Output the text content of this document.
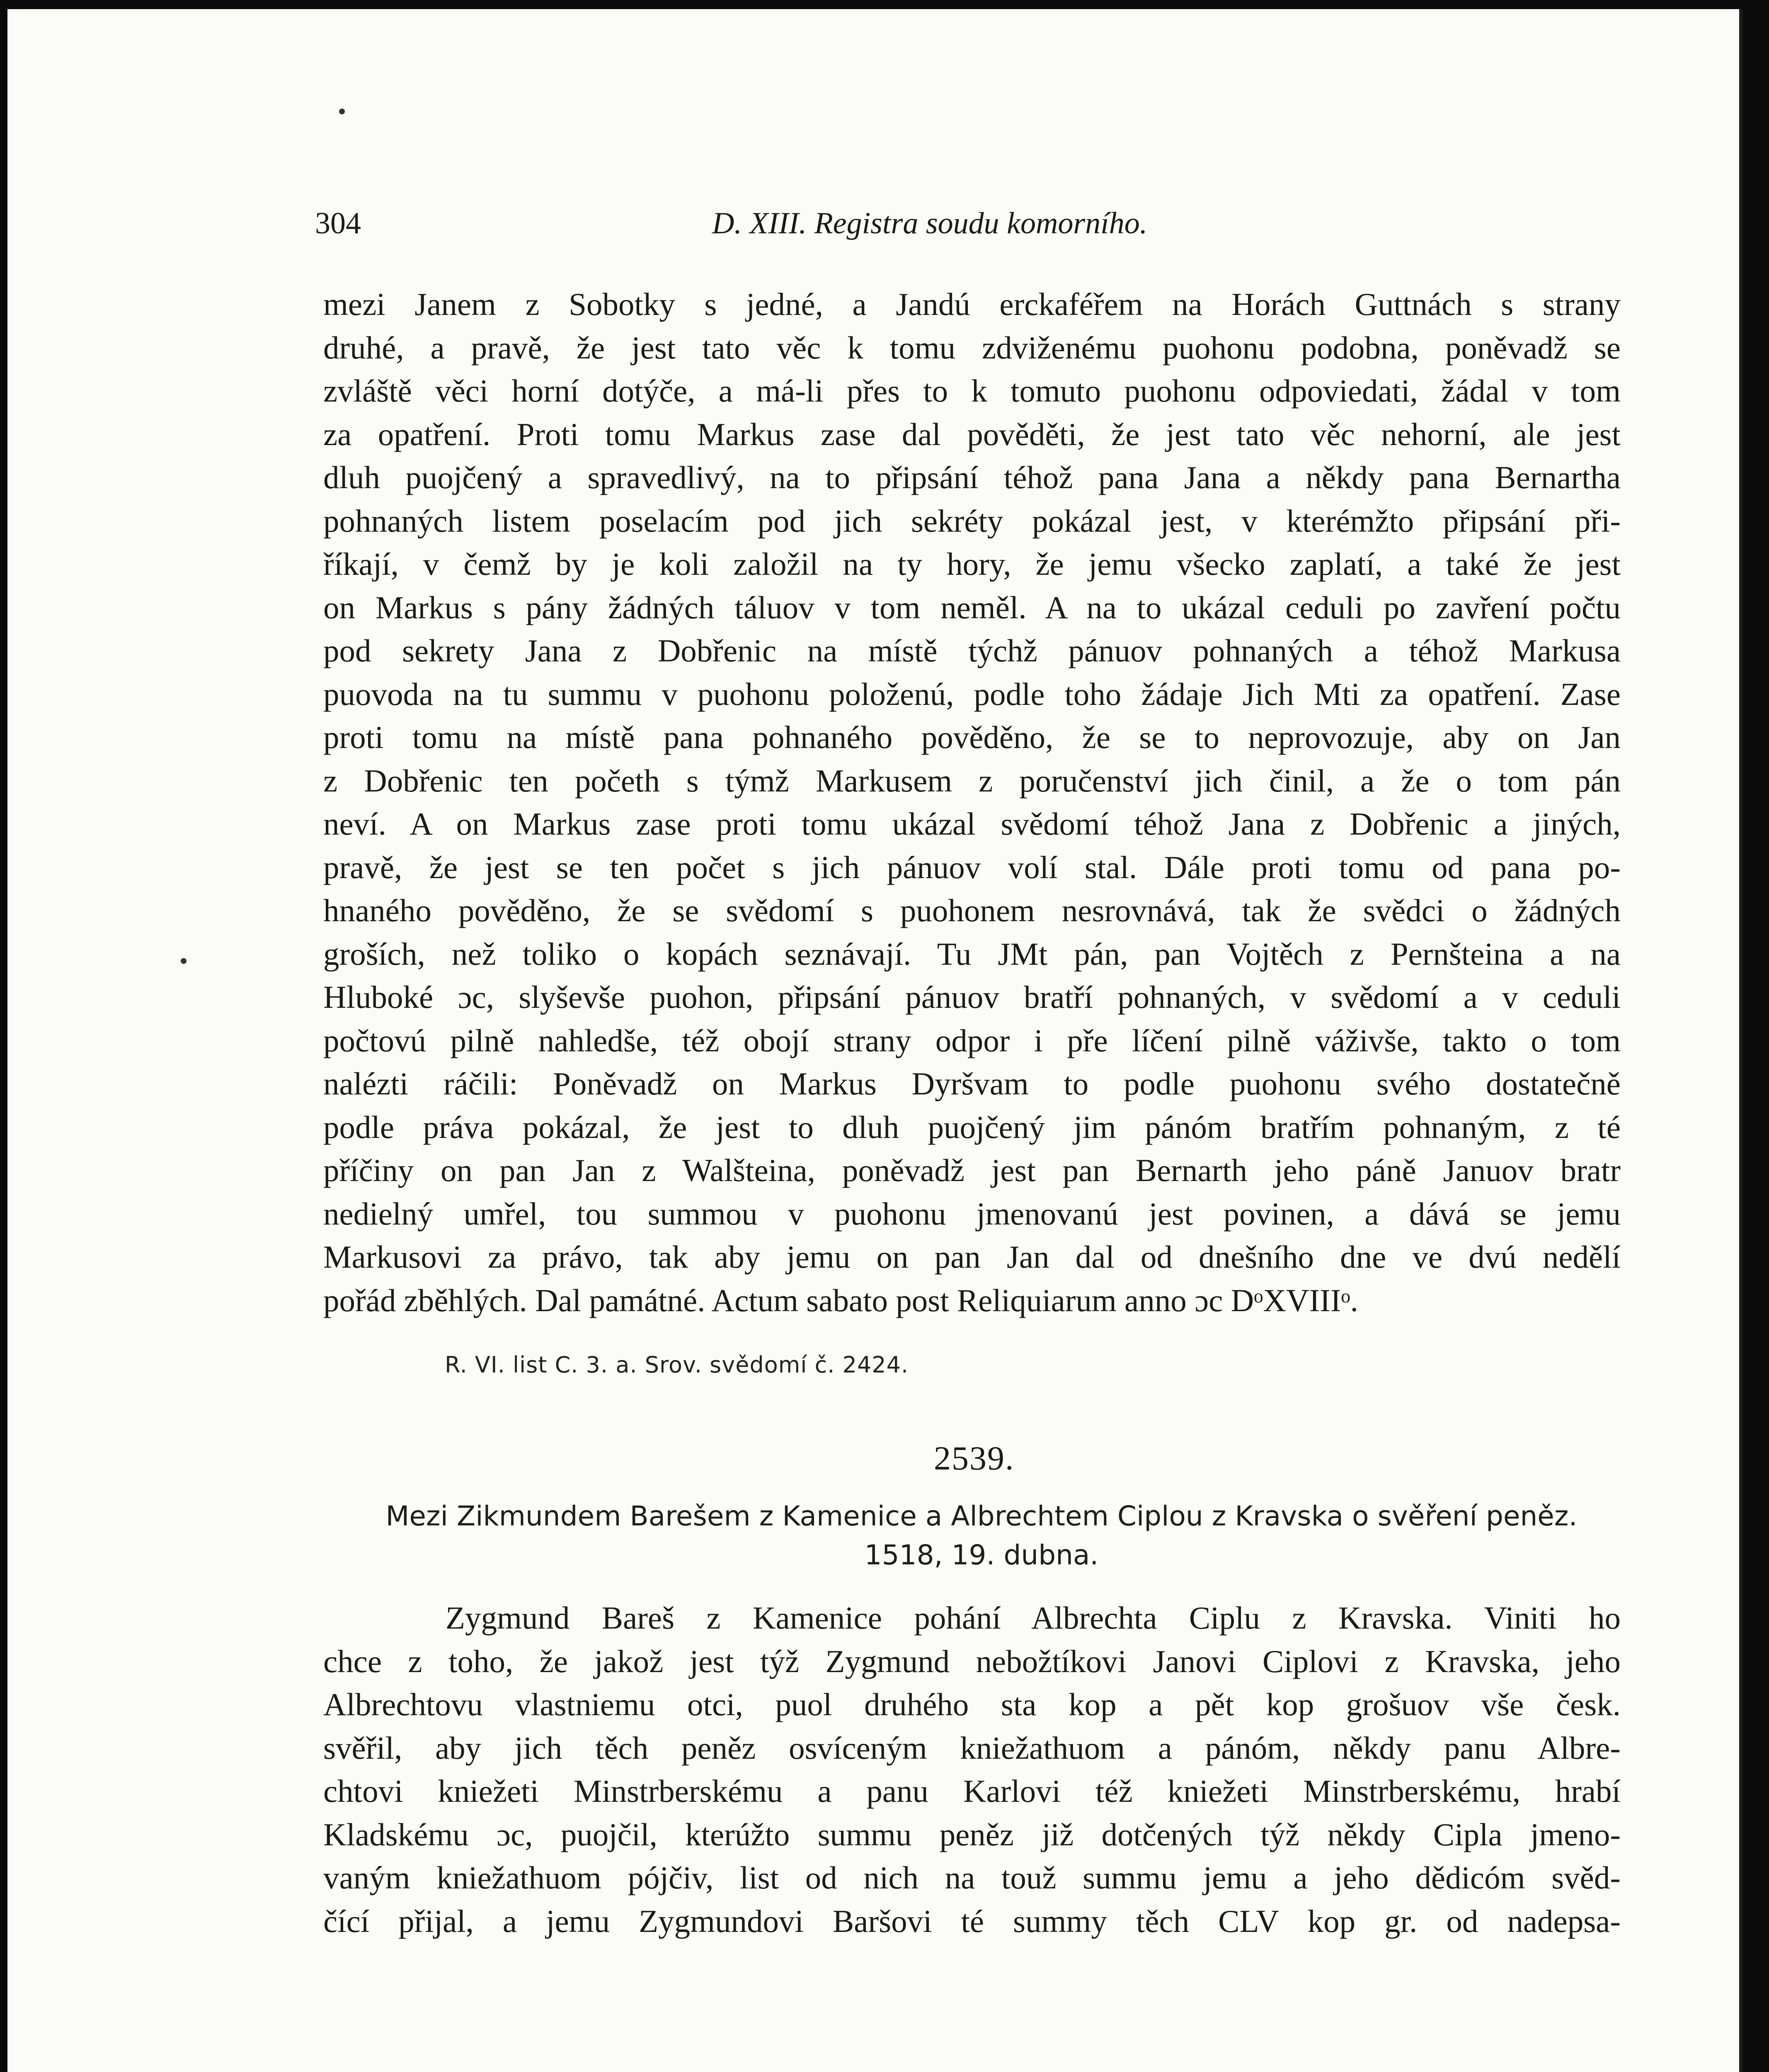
304	D. XIII. Registra soudu komorního.
mezi Janem z Sobotky s jedné, a Jandú erckaféřem na Horách Guttnách s strany
druhé, a pravě, že jest tato věc k tomu zdviženému puohonu podobna, poněvadž se
zvláště věci horní dotýče, a má-li přes to k tomuto puohonu odpoviedati, žádal v tom
za opatření. Proti tomu Markus zase dal pověděti, že jest tato věc nehorní, ale jest
dluh puojčený a spravedlivý, na to připsání téhož pana Jana a někdy pana Bernartha
pohnaných listem poselacím pod jich sekréty pokázal jest, v kterémžto připsání při-
říkají, v čemž by je koli založil na ty hory, že jemu všecko zaplatí, a také že jest
on Markus s pány žádných táluov v tom neměl. A na to ukázal ceduli po zavření počtu
pod sekrety Jana z Dobřenic na místě týchž pánuov pohnaných a téhož Markusa
puovoda na tu summu v puohonu položenú, podle toho žádaje Jich Mti za opatření. Zase
proti tomu na místě pana pohnaného pověděno, že se to neprovozuje, aby on Jan
z Dobřenic ten početh s týmž Markusem z poručenství jich činil, a že o tom pán
neví. A on Markus zase proti tomu ukázal svědomí téhož Jana z Dobřenic a jiných,
pravě, že jest se ten počet s jich pánuov volí stal. Dále proti tomu od pana po-
hnaného pověděno, že se svědomí s puohonem nesrovnává, tak že svědci o žádných
groších, než toliko o kopách seznávají. Tu JMt pán, pan Vojtěch z Pernšteina a na
Hluboké ɔc, slyševše puohon, připsání pánuov bratří pohnaných, v svědomí a v ceduli
počtovú pilně nahledše, též obojí strany odpor i pře líčení pilně váživše, takto o tom
nalézti ráčili: Poněvadž on Markus Dyršvam to podle puohonu svého dostatečně
podle práva pokázal, že jest to dluh puojčený jim pánóm bratřím pohnaným, z té
příčiny on pan Jan z Walšteina, poněvadž jest pan Bernarth jeho páně Januov bratr
nedielný umřel, tou summou v puohonu jmenovanú jest povinen, a dává se jemu
Markusovi za právo, tak aby jemu on pan Jan dal od dnešního dne ve dvú nedělí
pořád zběhlých. Dal památné. Actum sabato post Reliquiarum anno ɔc DᵒXVIIIᵒ.
R. VI. list C. 3. a. Srov. svědomí č. 2424.
2539.
Mezi Zikmundem Barešem z Kamenice a Albrechtem Ciplou z Kravska o svěření peněz.
1518, 19. dubna.
Zygmund Bareš z Kamenice pohání Albrechta Ciplu z Kravska. Viniti ho
chce z toho, že jakož jest týž Zygmund nebožtíkovi Janovi Ciplovi z Kravska, jeho
Albrechtovu vlastniemu otci, puol druhého sta kop a pět kop grošuov vše česk.
svěřil, aby jich těch peněz osvíceným kniežathuom a pánóm, někdy panu Albre-
chtovi kniežeti Minstrberskému a panu Karlovi též kniežeti Minstrberskému, hrabí
Kladskému ɔc, puojčil, kterúžto summu peněz již dotčených týž někdy Cipla jmeno-
vaným kniežathuom pójčiv, list od nich na touž summu jemu a jeho dědicóm svěd-
čící přijal, a jemu Zygmundovi Baršovi té summy těch CLV kop gr. od nadepsa-
